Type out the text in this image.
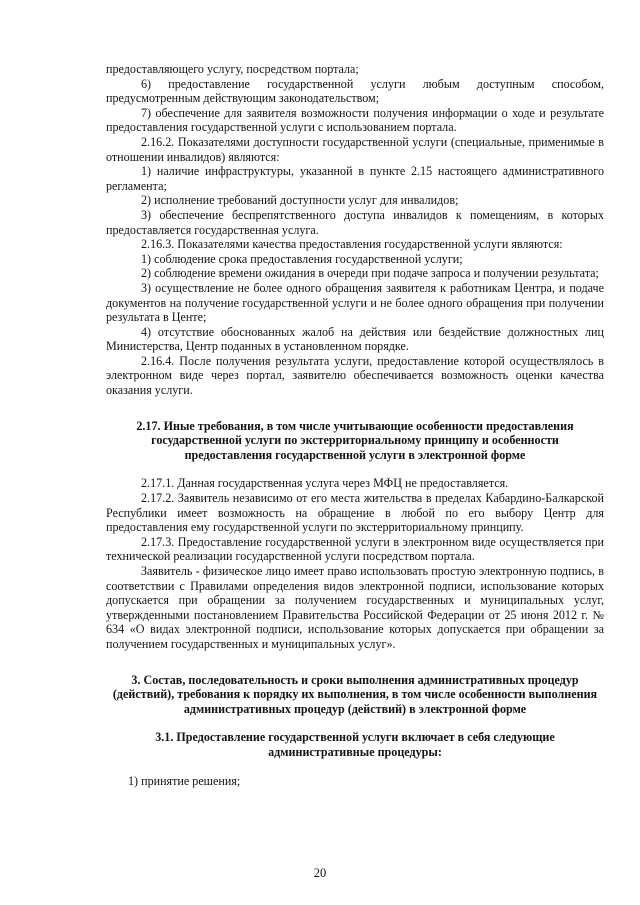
предоставляющего услугу, посредством портала;

6) предоставление государственной услуги любым доступным способом, предусмотренным действующим законодательством;

7) обеспечение для заявителя возможности получения информации о ходе и результате предоставления государственной услуги с использованием портала.

2.16.2. Показателями доступности государственной услуги (специальные, применимые в отношении инвалидов) являются:

1) наличие инфраструктуры, указанной в пункте 2.15 настоящего административного регламента;

2) исполнение требований доступности услуг для инвалидов;

3) обеспечение беспрепятственного доступа инвалидов к помещениям, в которых предоставляется государственная услуга.

2.16.3. Показателями качества предоставления государственной услуги являются:

1) соблюдение срока предоставления государственной услуги;

2) соблюдение времени ожидания в очереди при подаче запроса и получении результата;

3) осуществление не более одного обращения заявителя к работникам Центра, и подаче документов на получение государственной услуги и не более одного обращения при получении результата в Центе;

4) отсутствие обоснованных жалоб на действия или бездействие должностных лиц Министерства, Центр поданных в установленном порядке.

2.16.4. После получения результата услуги, предоставление которой осуществлялось в электронном виде через портал, заявителю обеспечивается возможность оценки качества оказания услуги.

2.17. Иные требования, в том числе учитывающие особенности предоставления государственной услуги по экстерриториальному принципу и особенности предоставления государственной услуги в электронной форме

2.17.1. Данная государственная услуга через МФЦ не предоставляется.

2.17.2. Заявитель независимо от его места жительства в пределах Кабардино-Балкарской Республики имеет возможность на обращение в любой по его выбору Центр для предоставления ему государственной услуги по экстерриториальному принципу.

2.17.3. Предоставление государственной услуги в электронном виде осуществляется при технической реализации государственной услуги посредством портала.

Заявитель - физическое лицо имеет право использовать простую электронную подпись, в соответствии с Правилами определения видов электронной подписи, использование которых допускается при обращении за получением государственных и муниципальных услуг, утвержденными постановлением Правительства Российской Федерации от 25 июня 2012 г. № 634 «О видах электронной подписи, использование которых допускается при обращении за получением государственных и муниципальных услуг».

3. Состав, последовательность и сроки выполнения административных процедур (действий), требования к порядку их выполнения, в том числе особенности выполнения административных процедур (действий) в электронной форме

3.1. Предоставление государственной услуги включает в себя следующие административные процедуры:

1) принятие решения;

20
